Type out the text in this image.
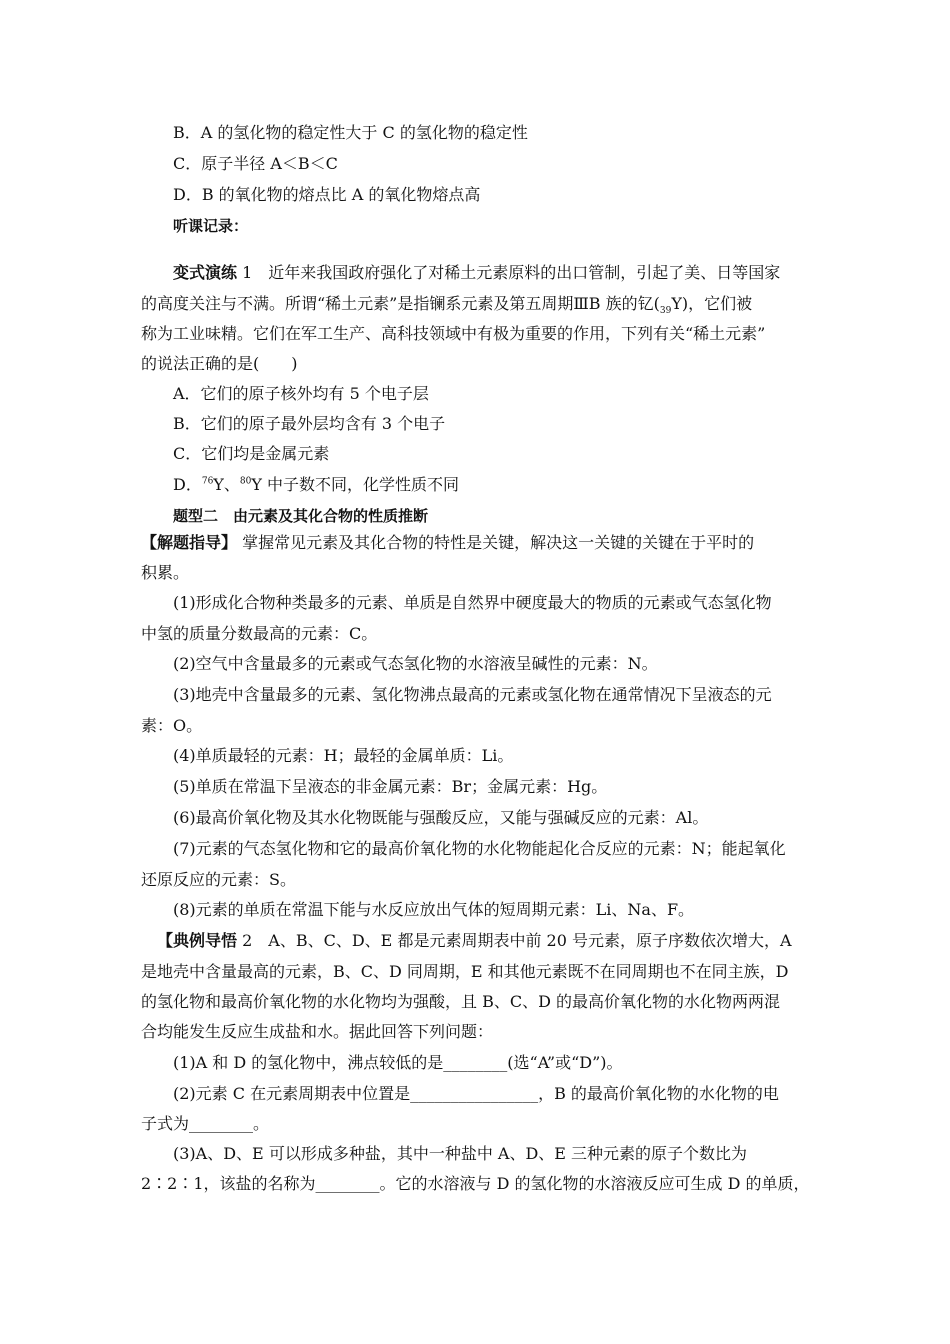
B．A 的氢化物的稳定性大于 C 的氢化物的稳定性
C．原子半径 A＜B＜C
D．B 的氧化物的熔点比 A 的氧化物熔点高
听课记录：
变式演练 1　 近年来我国政府强化了对稀土元素原料的出口管制，引起了美、日等国家
的高度关注与不满。所谓“稀土元素”是指镧系元素及第五周期ⅢB 族的钇$(_{39}Y)$，它们被
称为工业味精。它们在军工生产、高科技领域中有极为重要的作用，下列有关“稀土元素”
的说法正确的是(　　)
A．它们的原子核外均有 5 个电子层
B．它们的原子最外层均含有 3 个电子
C．它们均是金属元素
D．$^{76}$Y、$^{80}$Y 中子数不同，化学性质不同
题型二　由元素及其化合物的性质推断
【解题指导】 掌握常见元素及其化合物的特性是关键，解决这一关键的关键在于平时的
积累。
(1)形成化合物种类最多的元素、单质是自然界中硬度最大的物质的元素或气态氢化物
中氢的质量分数最高的元素：C。
(2)空气中含量最多的元素或气态氢化物的水溶液呈碱性的元素：N。
(3)地壳中含量最多的元素、氢化物沸点最高的元素或氢化物在通常情况下呈液态的元
素：O。
(4)单质最轻的元素：H；最轻的金属单质：Li。
(5)单质在常温下呈液态的非金属元素：Br；金属元素：Hg。
(6)最高价氧化物及其水化物既能与强酸反应，又能与强碱反应的元素：Al。
(7)元素的气态氢化物和它的最高价氧化物的水化物能起化合反应的元素：N；能起氧化
还原反应的元素：S。
(8)元素的单质在常温下能与水反应放出气体的短周期元素：Li、Na、F。
【典例导悟 2　 A、B、C、D、E 都是元素周期表中前 20 号元素，原子序数依次增大，A
是地壳中含量最高的元素，B、C、D 同周期，E 和其他元素既不在同周期也不在同主族，D
的氢化物和最高价氧化物的水化物均为强酸，且 B、C、D 的最高价氧化物的水化物两两混
合均能发生反应生成盐和水。据此回答下列问题：
(1)A 和 D 的氢化物中，沸点较低的是________(选“A”或“D”)。
(2)元素 C 在元素周期表中位置是________________，B 的最高价氧化物的水化物的电
子式为________。
(3)A、D、E 可以形成多种盐，其中一种盐中 A、D、E 三种元素的原子个数比为
2∶2∶1，该盐的名称为________。它的水溶液与 D 的氢化物的水溶液反应可生成 D 的单质，
